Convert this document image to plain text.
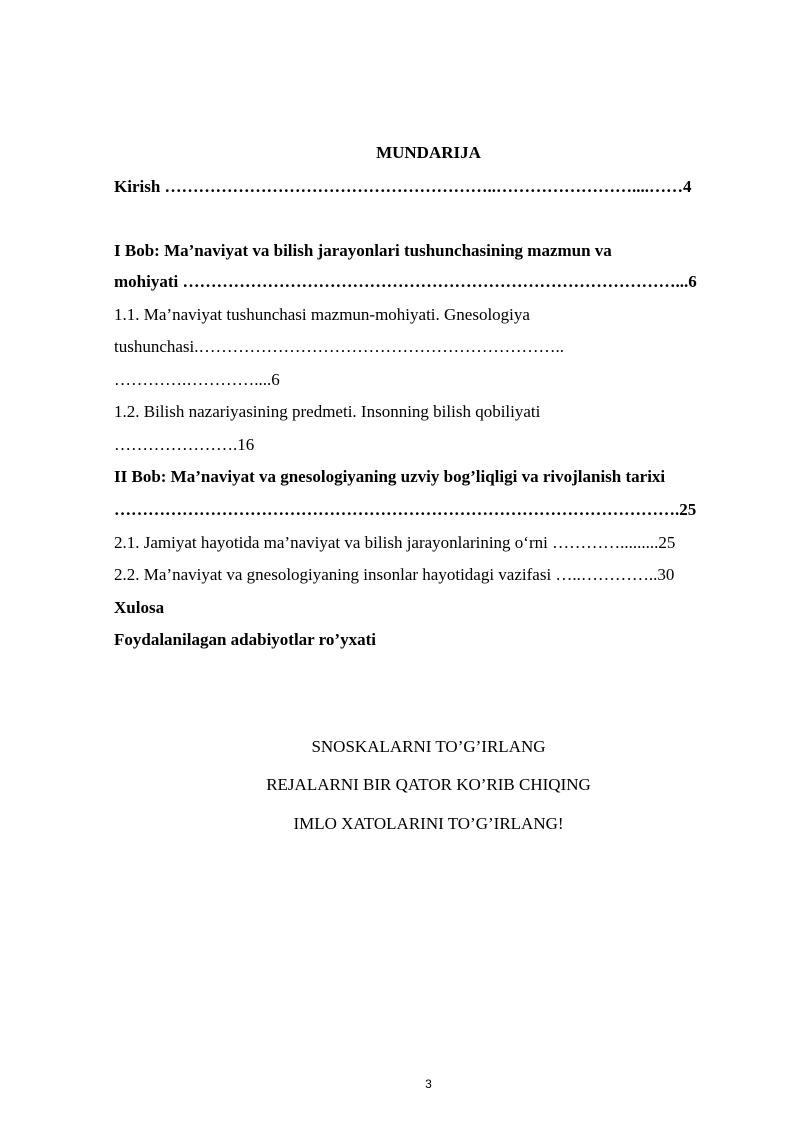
MUNDARIJA
Kirish …………………………………………………..……………………....……4
I Bob: Ma’naviyat va bilish jarayonlari tushunchasining mazmun va
mohiyati ……………………………………………………………………………...6
1.1. Ma’naviyat tushunchasi mazmun-mohiyati. Gnesologiya
tushunchasi.………………………………………………………..
………….…………....6
1.2. Bilish nazariyasining predmeti. Insonning bilish qobiliyati
………………….16
II Bob: Ma’naviyat va gnesologiyaning uzviy bog’liqligi va rivojlanish tarixi
……………………………………………………………………………………….25
2.1. Jamiyat hayotida ma’naviyat va bilish jarayonlarining o‘rni ………….........25
2.2. Ma’naviyat va gnesologiyaning insonlar hayotidagi vazifasi …..…………..30
Xulosa
Foydalanilagan adabiyotlar ro’yxati
SNOSKALARNI TO’G’IRLANG
REJALARNI BIR QATOR KO’RIB CHIQING
IMLO XATOLARINI TO’G’IRLANG!
3
